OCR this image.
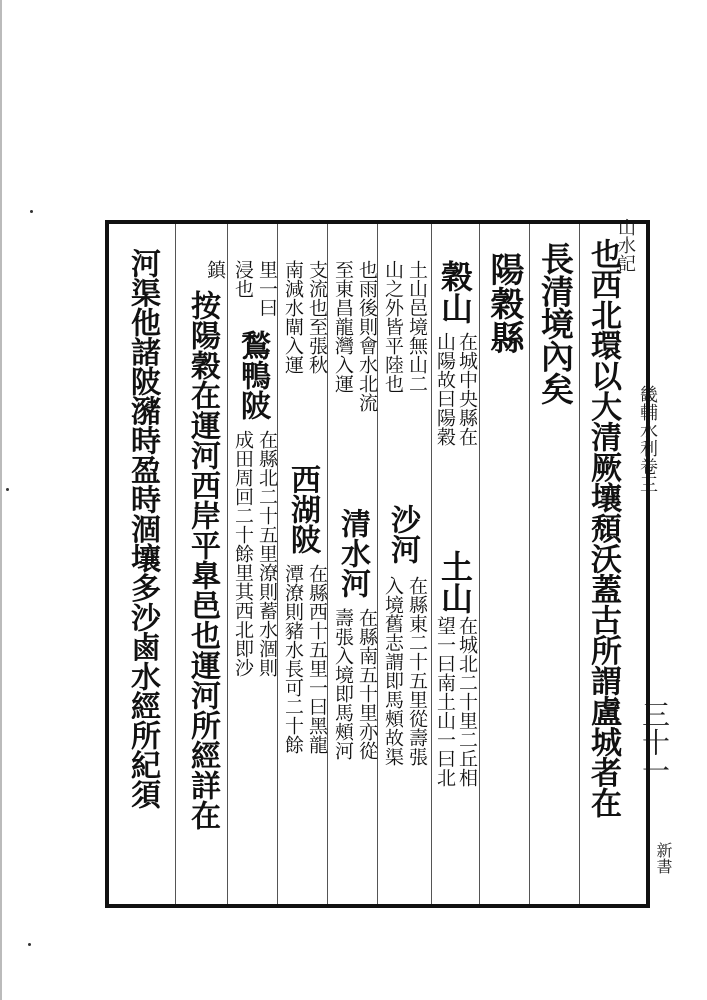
山水記
畿輔水利卷三
三十一
新書
也西北環以大清厥壤頹沃蓋古所謂盧城者在
長清境內矣
陽穀縣
穀山
在城中央縣在
山陽故曰陽穀
土山
在城北二十里二丘相
望一曰南土山一曰北
土山邑境無山二
山之外皆平陸也
沙河
在縣東二十五里從壽張
入境舊志謂即馬頰故渠
也雨後則會水北流
至東昌龍灣入運
清水河
在縣南五十里亦從
壽張入境即馬頰河
支流也至張秋
南減水閘入運
西湖陂
在縣西十五里一曰黑龍
潭潦則豬水長可二十餘
里一曰
浸也
鶖鴨陂
在縣北二十五里潦則蓄水涸則
成田周回二十餘里其西北即沙
鎮
按陽穀在運河西岸平臯邑也運河所經詳在
河渠他諸陂瀦時盈時涸壤多沙鹵水經所紀須
